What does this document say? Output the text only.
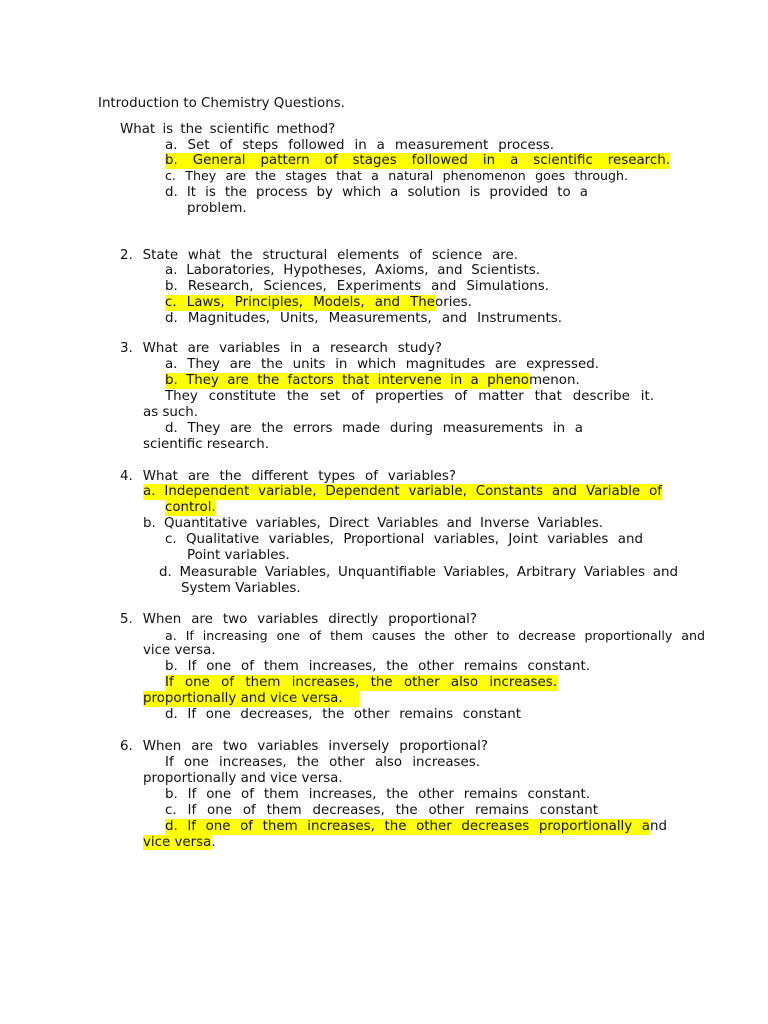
Introduction to Chemistry Questions.
What is the scientific method?
a. Set of steps followed in a measurement process.
b. General pattern of stages followed in a scientific research.
c. They are the stages that a natural phenomenon goes through.
d. It is the process by which a solution is provided to a
problem.
2. State what the structural elements of science are.
a. Laboratories, Hypotheses, Axioms, and Scientists.
b. Research, Sciences, Experiments and Simulations.
c. Laws, Principles, Models, and Theories.
d. Magnitudes, Units, Measurements, and Instruments.
3. What are variables in a research study?
a. They are the units in which magnitudes are expressed.
b. They are the factors that intervene in a phenomenon.
They constitute the set of properties of matter that describe it.
as such.
d. They are the errors made during measurements in a
scientific research.
4. What are the different types of variables?
a. Independent variable, Dependent variable, Constants and Variable of
control.
b. Quantitative variables, Direct Variables and Inverse Variables.
c. Qualitative variables, Proportional variables, Joint variables and
Point variables.
d. Measurable Variables, Unquantifiable Variables, Arbitrary Variables and
System Variables.
5. When are two variables directly proportional?
a. If increasing one of them causes the other to decrease proportionally and
vice versa.
b. If one of them increases, the other remains constant.
If one of them increases, the other also increases.
proportionally and vice versa.
d. If one decreases, the other remains constant
6. When are two variables inversely proportional?
If one increases, the other also increases.
proportionally and vice versa.
b. If one of them increases, the other remains constant.
c. If one of them decreases, the other remains constant
d. If one of them increases, the other decreases proportionally and
vice versa.
